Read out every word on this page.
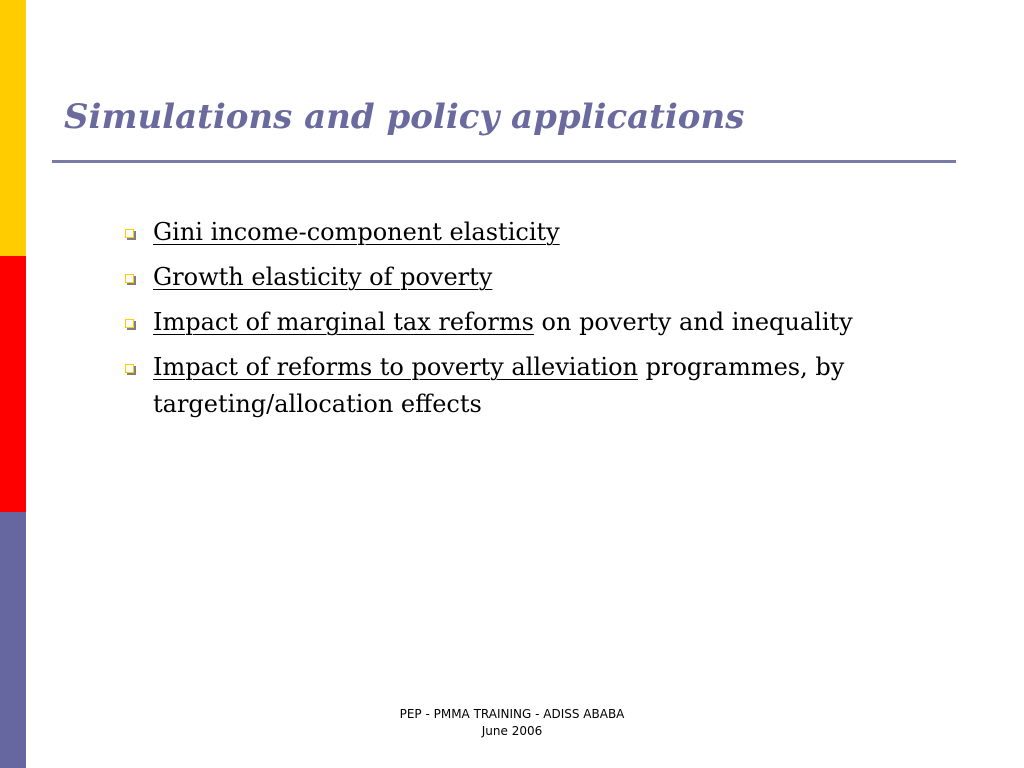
Simulations and policy applications
Gini income-component elasticity
Growth elasticity of poverty
Impact of marginal tax reforms on poverty and inequality
Impact of reforms to poverty alleviation programmes, by targeting/allocation effects
PEP - PMMA TRAINING - ADISS ABABA
June 2006
